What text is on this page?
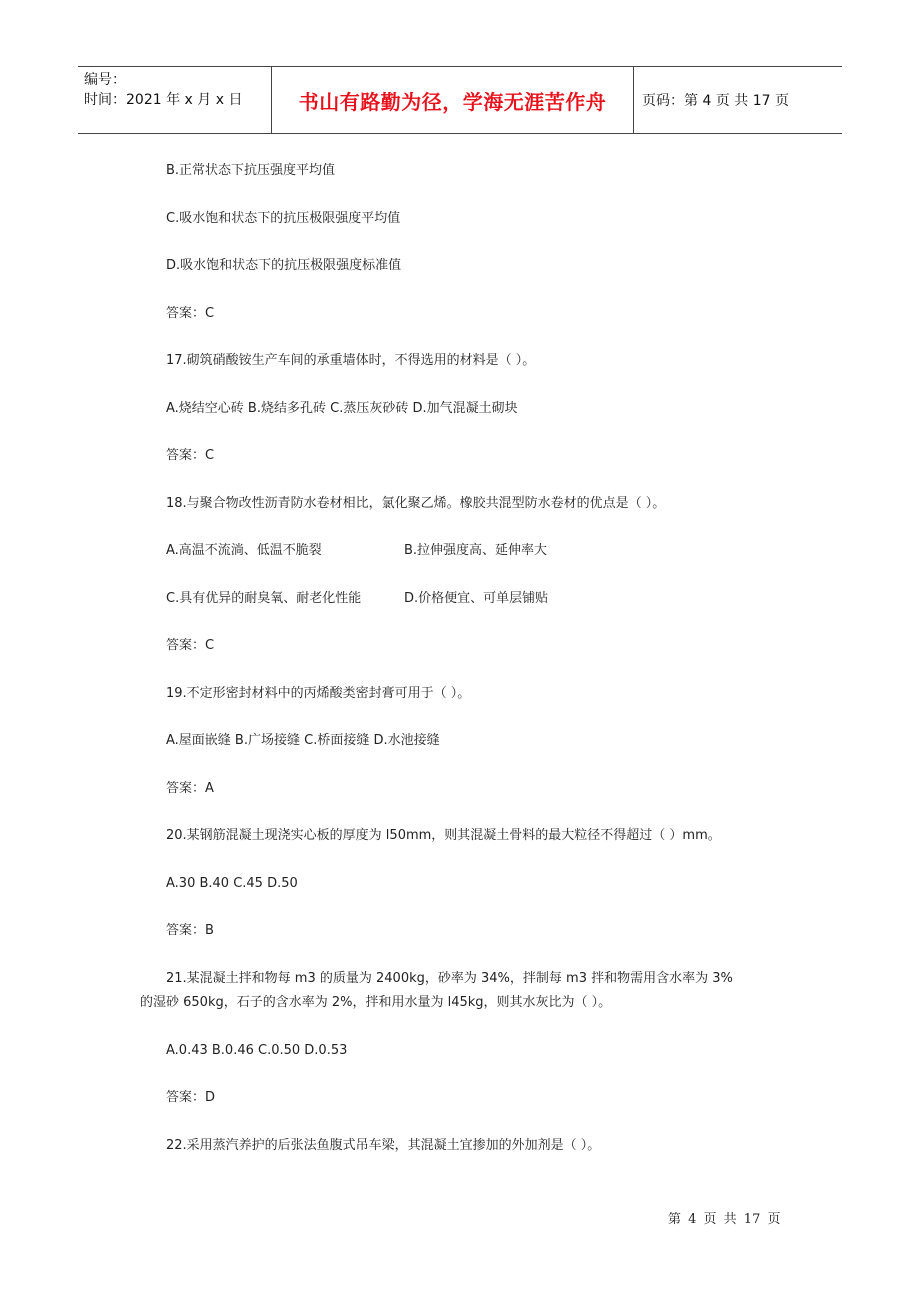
编号：
时间：2021 年 x 月 x 日	书山有路勤为径，学海无涯苦作舟	页码：第 4 页 共 17 页
B.正常状态下抗压强度平均值
C.吸水饱和状态下的抗压极限强度平均值
D.吸水饱和状态下的抗压极限强度标准值
答案：C
17.砌筑硝酸铵生产车间的承重墙体时，不得选用的材料是（ ）。
A.烧结空心砖 B.烧结多孔砖 C.蒸压灰砂砖 D.加气混凝土砌块
答案：C
18.与聚合物改性沥青防水卷材相比，氯化聚乙烯。橡胶共混型防水卷材的优点是（ ）。
A.高温不流淌、低温不脆裂	B.拉伸强度高、延伸率大
C.具有优异的耐臭氧、耐老化性能	D.价格便宜、可单层铺贴
答案：C
19.不定形密封材料中的丙烯酸类密封膏可用于（ ）。
A.屋面嵌缝 B.广场接缝 C.桥面接缝 D.水池接缝
答案：A
20.某钢筋混凝土现浇实心板的厚度为 l50mm，则其混凝土骨料的最大粒径不得超过（ ）mm。
A.30 B.40 C.45 D.50
答案：B
21.某混凝土拌和物每 m3 的质量为 2400kg，砂率为 34%，拌制每 m3 拌和物需用含水率为 3%
的湿砂 650kg，石子的含水率为 2%，拌和用水量为 l45kg，则其水灰比为（ ）。
A.0.43 B.0.46 C.0.50 D.0.53
答案：D
22.采用蒸汽养护的后张法鱼腹式吊车梁，其混凝土宜掺加的外加剂是（ ）。
第 4 页 共 17 页
